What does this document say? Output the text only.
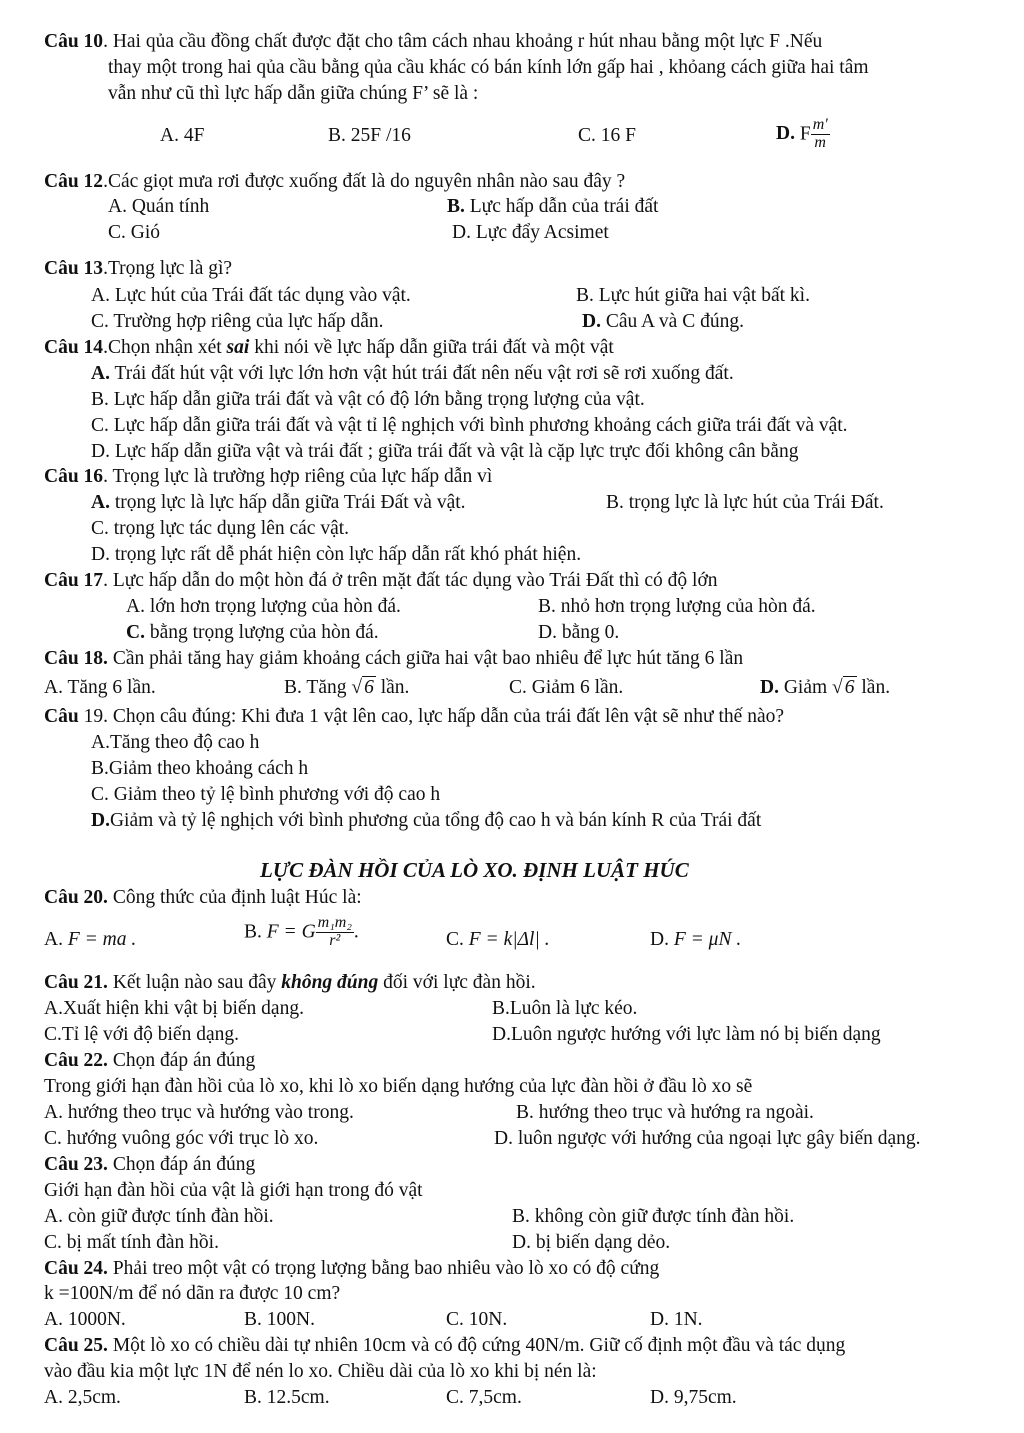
Câu 10. Hai qủa cầu đồng chất được đặt cho tâm cách nhau khoảng r hút nhau bằng một lực F .Nếu
thay một trong hai qủa cầu bằng qủa cầu khác có bán kính lớn gấp hai , khỏang cách giữa hai tâm
vẫn như cũ thì lực hấp dẫn giữa chúng F’ sẽ là :
A. 4F	B. 25F /16	C. 16 F	D. F $\frac{m'}{m}$
Câu 12.Các giọt mưa rơi được xuống đất là do nguyên nhân nào sau đây ?
A. Quán tính	B. Lực hấp dẫn của trái đất
C. Gió	D. Lực đẩy Acsimet
Câu 13.Trọng lực là gì?
A. Lực hút của Trái đất tác dụng vào vật.	B. Lực hút giữa hai vật bất kì.
C. Trường hợp riêng của lực hấp dẫn.	D. Câu A và C đúng.
Câu 14.Chọn nhận xét sai khi nói về lực hấp dẫn giữa trái đất và một vật
A. Trái đất hút vật với lực lớn hơn vật hút trái đất nên nếu vật rơi sẽ rơi xuống đất.
B. Lực hấp dẫn giữa trái đất và vật có độ lớn bằng trọng lượng của vật.
C. Lực hấp dẫn giữa trái đất và vật tỉ lệ nghịch với bình phương khoảng cách giữa trái đất và vật.
D. Lực hấp dẫn giữa vật và trái đất ; giữa trái đất và vật là cặp lực trực đối không cân bằng
Câu 16. Trọng lực là trường hợp riêng của lực hấp dẫn vì
A. trọng lực là lực hấp dẫn giữa Trái Đất và vật.	B. trọng lực là lực hút của Trái Đất.
C. trọng lực tác dụng lên các vật.
D. trọng lực rất dễ phát hiện còn lực hấp dẫn rất khó phát hiện.
Câu 17. Lực hấp dẫn do một hòn đá ở trên mặt đất tác dụng vào Trái Đất thì có độ lớn
A. lớn hơn trọng lượng của hòn đá.	B. nhỏ hơn trọng lượng của hòn đá.
C. bằng trọng lượng của hòn đá.	D. bằng 0.
Câu 18. Cần phải tăng hay giảm khoảng cách giữa hai vật bao nhiêu để lực hút tăng 6 lần
A. Tăng 6 lần.	B. Tăng √ 6 lần.	C. Giảm 6 lần.	D. Giảm √ 6 lần.
Câu 19. Chọn câu đúng: Khi đưa 1 vật lên cao, lực hấp dẫn của trái đất lên vật sẽ như thế nào?
A.Tăng theo độ cao h
B.Giảm theo khoảng cách h
C. Giảm theo tỷ lệ bình phương với độ cao h
D.Giảm và tỷ lệ nghịch với bình phương của tổng độ cao h và bán kính R của Trái đất
LỰC ĐÀN HỒI CỦA LÒ XO. ĐỊNH LUẬT HÚC
Câu 20. Công thức của định luật Húc là:
A. F = ma .	B. F = G $\frac{\text{m₁m₂}}{\text{r²}}$ .	C. F = k|Δl| .	D. F = μN .
Câu 21. Kết luận nào sau đây không đúng đối với lực đàn hồi.
A.Xuất hiện khi vật bị biến dạng.	B.Luôn là lực kéo.
C.Tỉ lệ với độ biến dạng.	D.Luôn ngược hướng với lực làm nó bị biến dạng
Câu 22. Chọn đáp án đúng
Trong giới hạn đàn hồi của lò xo, khi lò xo biến dạng hướng của lực đàn hồi ở đầu lò xo sẽ
A. hướng theo trục và hướng vào trong.	B. hướng theo trục và hướng ra ngoài.
C. hướng vuông góc với trục lò xo.	D. luôn ngược với hướng của ngoại lực gây biến dạng.
Câu 23. Chọn đáp án đúng
Giới hạn đàn hồi của vật là giới hạn trong đó vật
A. còn giữ được tính đàn hồi.	B. không còn giữ được tính đàn hồi.
C. bị mất tính đàn hồi.	D. bị biến dạng dẻo.
Câu 24. Phải treo một vật có trọng lượng bằng bao nhiêu vào lò xo có độ cứng
k =100N/m để nó dãn ra được 10 cm?
A. 1000N.	B. 100N.	C. 10N.	D. 1N.
Câu 25. Một lò xo có chiều dài tự nhiên 10cm và có độ cứng 40N/m. Giữ cố định một đầu và tác dụng
vào đầu kia một lực 1N để nén lo xo. Chiều dài của lò xo khi bị nén là:
A. 2,5cm.	B. 12.5cm.	C. 7,5cm.	D. 9,75cm.
